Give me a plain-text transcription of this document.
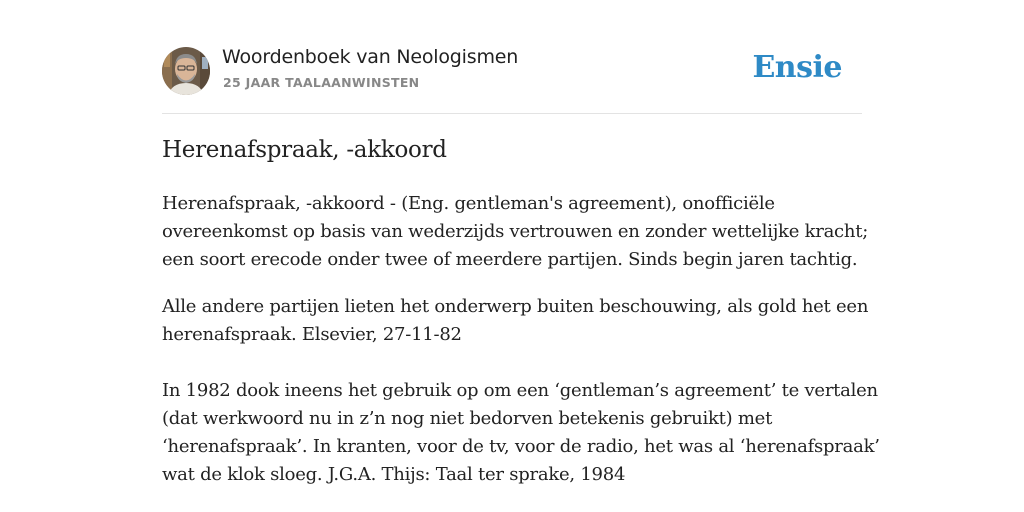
Woordenboek van Neologismen
25 JAAR TAALAANWINSTEN	Ensie
Herenafspraak, -akkoord
Herenafspraak, -akkoord - (Eng. gentleman's agreement), onofficiële
overeenkomst op basis van wederzijds vertrouwen en zonder wettelijke kracht;
een soort erecode onder twee of meerdere partijen. Sinds begin jaren tachtig.
Alle andere partijen lieten het onderwerp buiten beschouwing, als gold het een
herenafspraak. Elsevier, 27-11-82
In 1982 dook ineens het gebruik op om een ‘gentleman’s agreement’ te vertalen
(dat werkwoord nu in z’n nog niet bedorven betekenis gebruikt) met
‘herenafspraak’. In kranten, voor de tv, voor de radio, het was al ‘herenafspraak’
wat de klok sloeg. J.G.A. Thijs: Taal ter sprake, 1984
